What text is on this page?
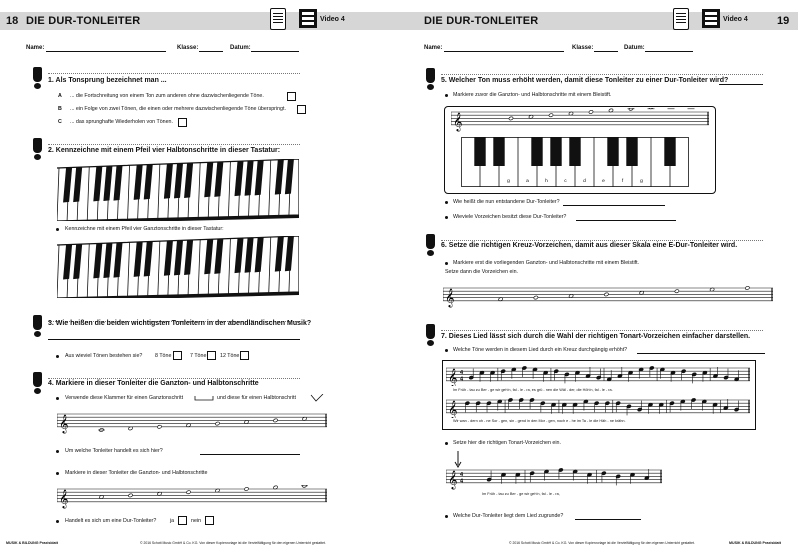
18 DIE DUR-TONLEITER	Video 4
Name:	Klasse:	Datum:
1. Als Tonsprung bezeichnet man ...
A ... die Fortschreitung von einem Ton zum anderen ohne dazwischenliegende Töne.
B ... ein Folge von zwei Tönen, die einen oder mehrere dazwischenliegende Töne überspringt.
C ... das sprunghafte Wiederholen von Tönen.
2. Kennzeichne mit einem Pfeil vier Halbtonschritte in dieser Tastatur:
Kennzeichne mit einem Pfeil vier Ganztonschritte in dieser Tastatur:
3. Wie heißen die beiden wichtigsten Tonleitern in der abendländischen Musik?
Aus wieviel Tönen bestehen sie? 8 Töne	7 Töne	12 Töne
4. Markiere in dieser Tonleiter die Ganzton- und Halbtonschritte
Verwende diese Klammer für einen Ganztonschritt	und diese für einen Halbtonschritt
𝄞
Um welche Tonleiter handelt es sich hier?
Markiere in dieser Tonleiter die Ganzton- und Halbtonschritte
𝄞
Handelt es sich um eine Dur-Tonleiter?	ja	nein
MUSIK & BILDUNG Praxisblatt	© 2016 Schott Music GmbH & Co. KG. Von dieser Kopiervorlage ist die Vervielfältigung für den eigenen Unterricht gestattet.
DIE DUR-TONLEITER	Video 4	19
Name:	Klasse:	Datum:
5. Welcher Ton muss erhöht werden, damit diese Tonleiter zu einer Dur-Tonleiter wird?
Markiere zuvor die Ganzton- und Halbtonschritte mit einem Bleistift.
𝄞
g	a	h	c	d	e	f	g
Wie heißt die nun entstandene Dur-Tonleiter?
Wieviele Vorzeichen besitzt diese Dur-Tonleiter?
6. Setze die richtigen Kreuz-Vorzeichen, damit aus dieser Skala eine E-Dur-Tonleiter wird.
Markiere erst die vorliegenden Ganzton- und Halbtonschritte mit einem Bleistift.
Setze dann die Vorzeichen ein.
𝄞
7. Dieses Lied lässt sich durch die Wahl der richtigen Tonart-Vorzeichen einfacher darstellen.
Welche Töne werden in diesem Lied durch ein Kreuz durchgängig erhöht?
𝄞 4
4
Im Früh - tau zu Ber - ge wir geh'n, fal - le - ra, es grü - nen die Wäl - der, die Höh'n, fal - le - ra.
𝄞
Wir wan - dern oh - ne Sor - gen, sin - gend in den Mor - gen, noch e - he im Ta - le die Häh - ne krähn.
Setze hier die richtigen Tonart-Vorzeichen ein.
𝄞 4
4
Im Früh - tau zu Ber - ge wir geh'n, fal - le - ra,
Welche Dur-Tonleiter liegt dem Lied zugrunde?
© 2016 Schott Music GmbH & Co. KG. Von dieser Kopiervorlage ist die Vervielfältigung für den eigenen Unterricht gestattet.	MUSIK & BILDUNG Praxisblatt
